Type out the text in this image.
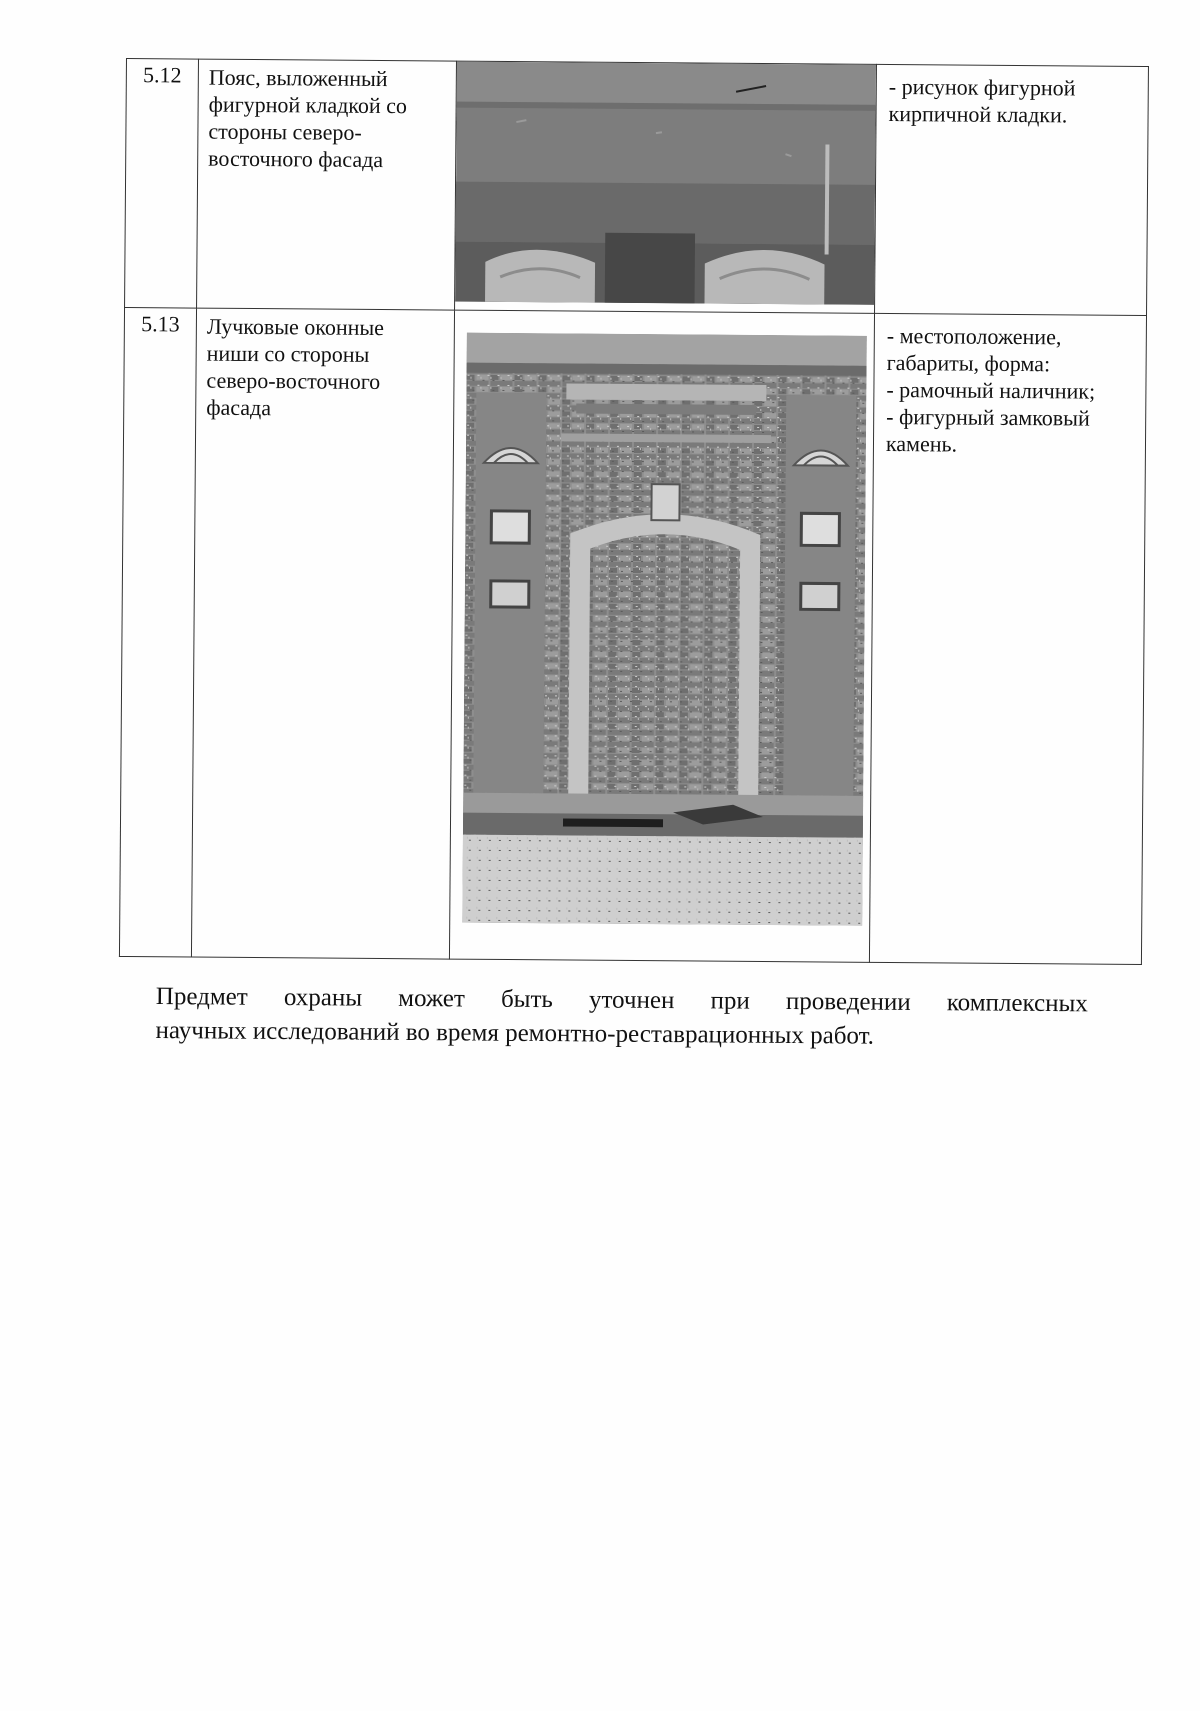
5.12	Пояс, выложенный
фигурной кладкой со
стороны северо-
восточного фасада		- рисунок фигурной
кирпичной кладки.

5.13	Лучковые оконные
ниши со стороны
северо-восточного
фасада		- местоположение,
габариты, форма:
- рамочный наличник;
- фигурный замковый
камень.
Предмет охраны может быть уточнен при проведении комплексных
научных исследований во время ремонтно-реставрационных работ.
